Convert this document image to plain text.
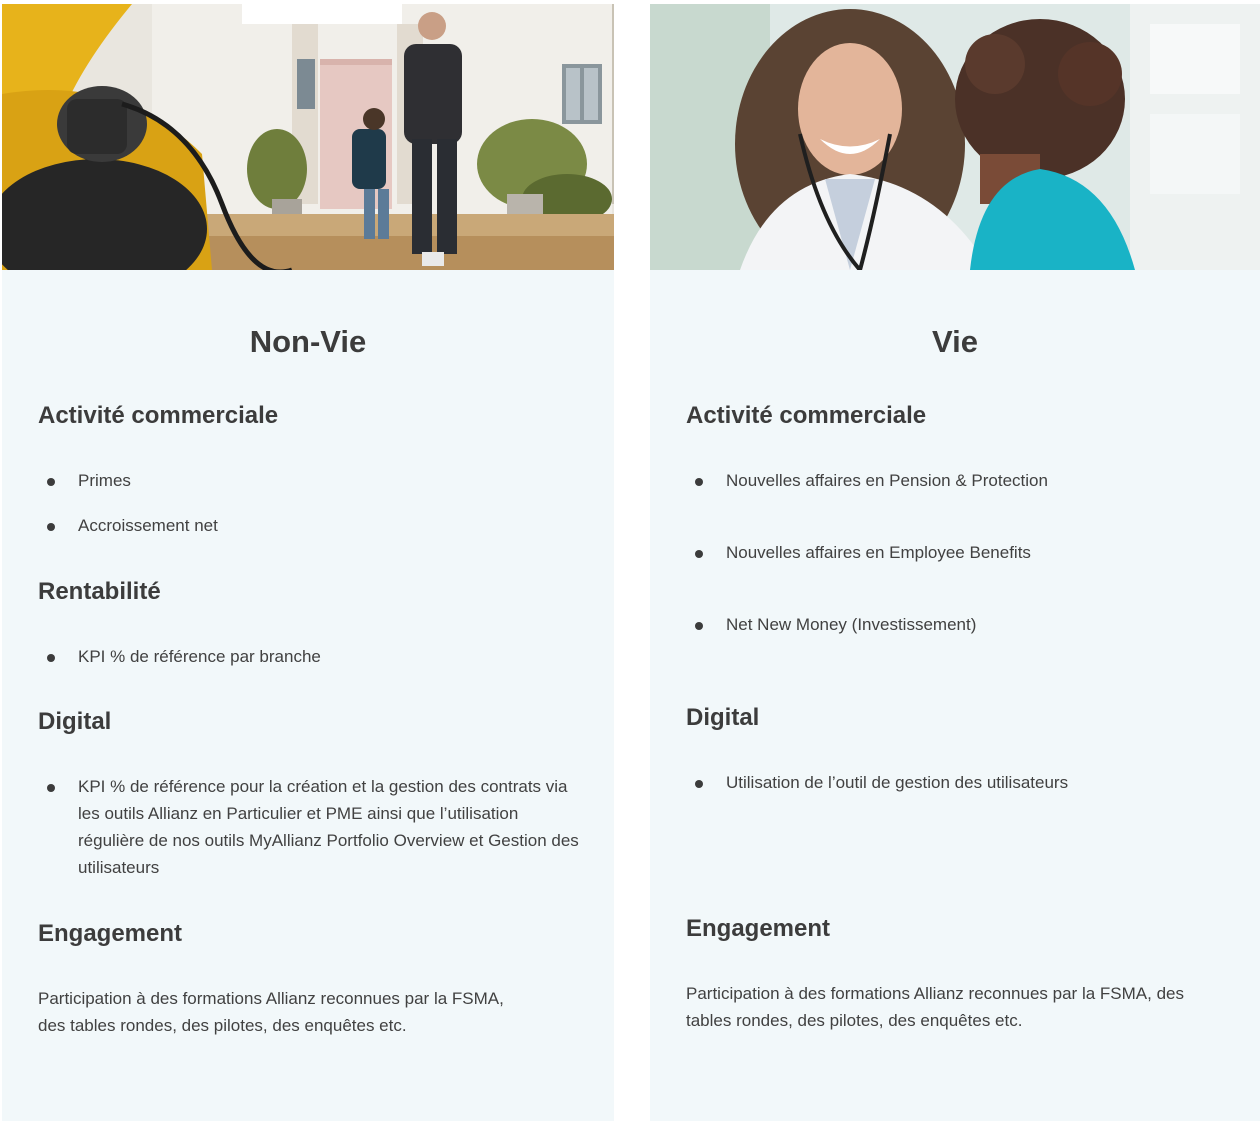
Non-Vie
Activité commerciale
Primes
Accroissement net
Rentabilité
KPI % de référence par branche
Digital
KPI % de référence pour la création et la gestion des contrats via les outils Allianz en Particulier et PME ainsi que l’utilisation régulière de nos outils MyAllianz Portfolio Overview et Gestion des utilisateurs
Engagement

Participation à des formations Allianz reconnues par la FSMA, des tables rondes, des pilotes, des enquêtes etc.

Vie
Activité commerciale
Nouvelles affaires en Pension & Protection
Nouvelles affaires en Employee Benefits
Net New Money (Investissement)
Digital
Utilisation de l’outil de gestion des utilisateurs
Engagement

Participation à des formations Allianz reconnues par la FSMA, des tables rondes, des pilotes, des enquêtes etc.
